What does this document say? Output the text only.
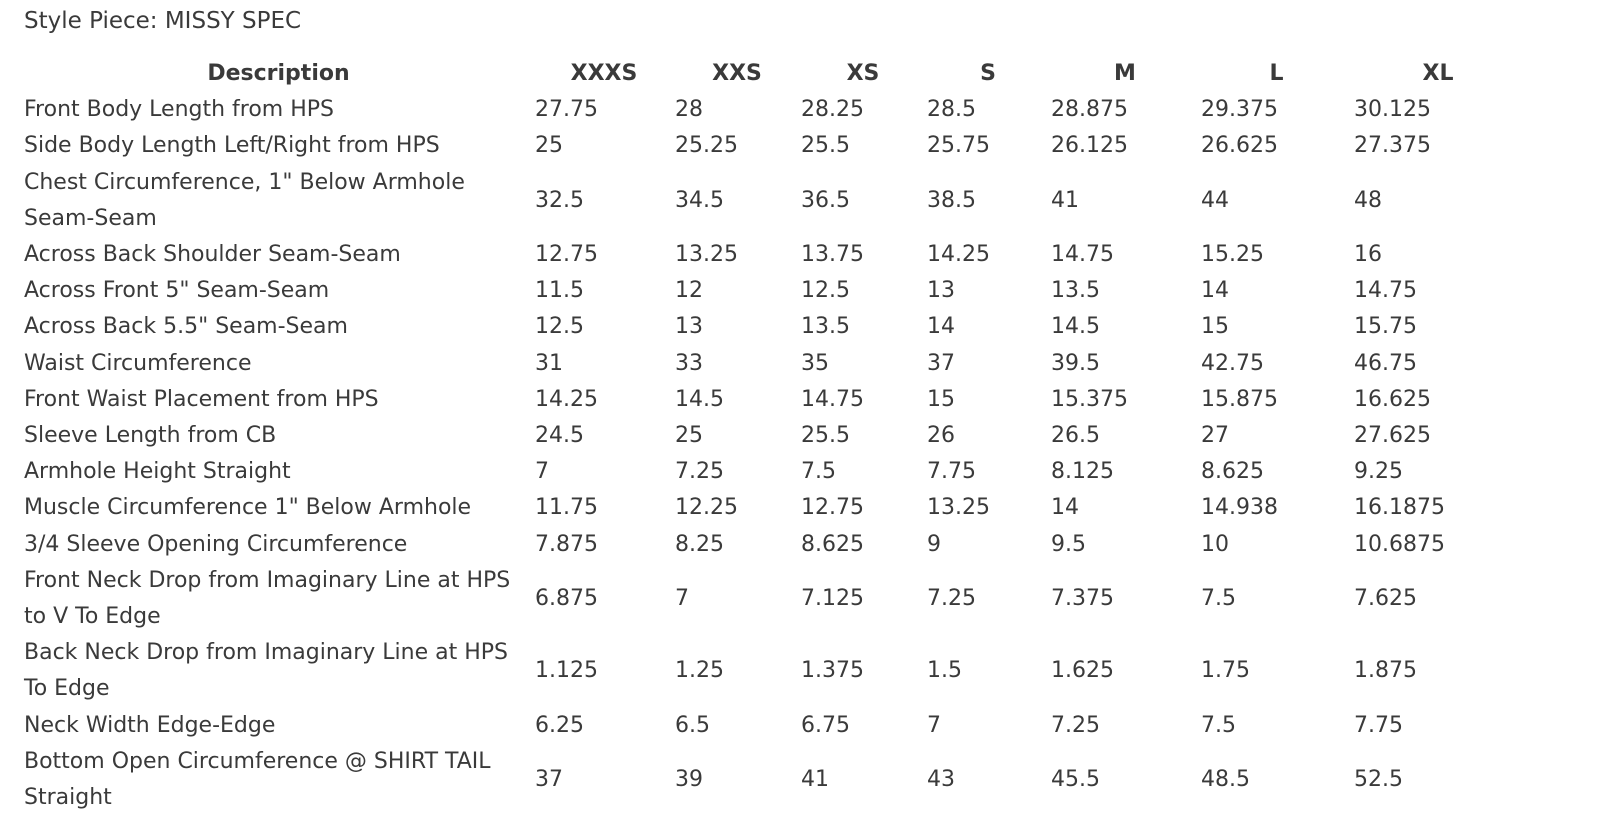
Style Piece: MISSY SPEC
Description	XXXS	XXS	XS	S	M	L	XL
Front Body Length from HPS	27.75	28	28.25	28.5	28.875	29.375	30.125
Side Body Length Left/Right from HPS	25	25.25	25.5	25.75	26.125	26.625	27.375
Chest Circumference, 1" Below Armhole Seam-Seam	32.5	34.5	36.5	38.5	41	44	48
Across Back Shoulder Seam-Seam	12.75	13.25	13.75	14.25	14.75	15.25	16
Across Front 5" Seam-Seam	11.5	12	12.5	13	13.5	14	14.75
Across Back 5.5" Seam-Seam	12.5	13	13.5	14	14.5	15	15.75
Waist Circumference	31	33	35	37	39.5	42.75	46.75
Front Waist Placement from HPS	14.25	14.5	14.75	15	15.375	15.875	16.625
Sleeve Length from CB	24.5	25	25.5	26	26.5	27	27.625
Armhole Height Straight	7	7.25	7.5	7.75	8.125	8.625	9.25
Muscle Circumference 1" Below Armhole	11.75	12.25	12.75	13.25	14	14.938	16.1875
3/4 Sleeve Opening Circumference	7.875	8.25	8.625	9	9.5	10	10.6875
Front Neck Drop from Imaginary Line at HPS to V To Edge	6.875	7	7.125	7.25	7.375	7.5	7.625
Back Neck Drop from Imaginary Line at HPS To Edge	1.125	1.25	1.375	1.5	1.625	1.75	1.875
Neck Width Edge-Edge	6.25	6.5	6.75	7	7.25	7.5	7.75
Bottom Open Circumference @ SHIRT TAIL Straight	37	39	41	43	45.5	48.5	52.5
